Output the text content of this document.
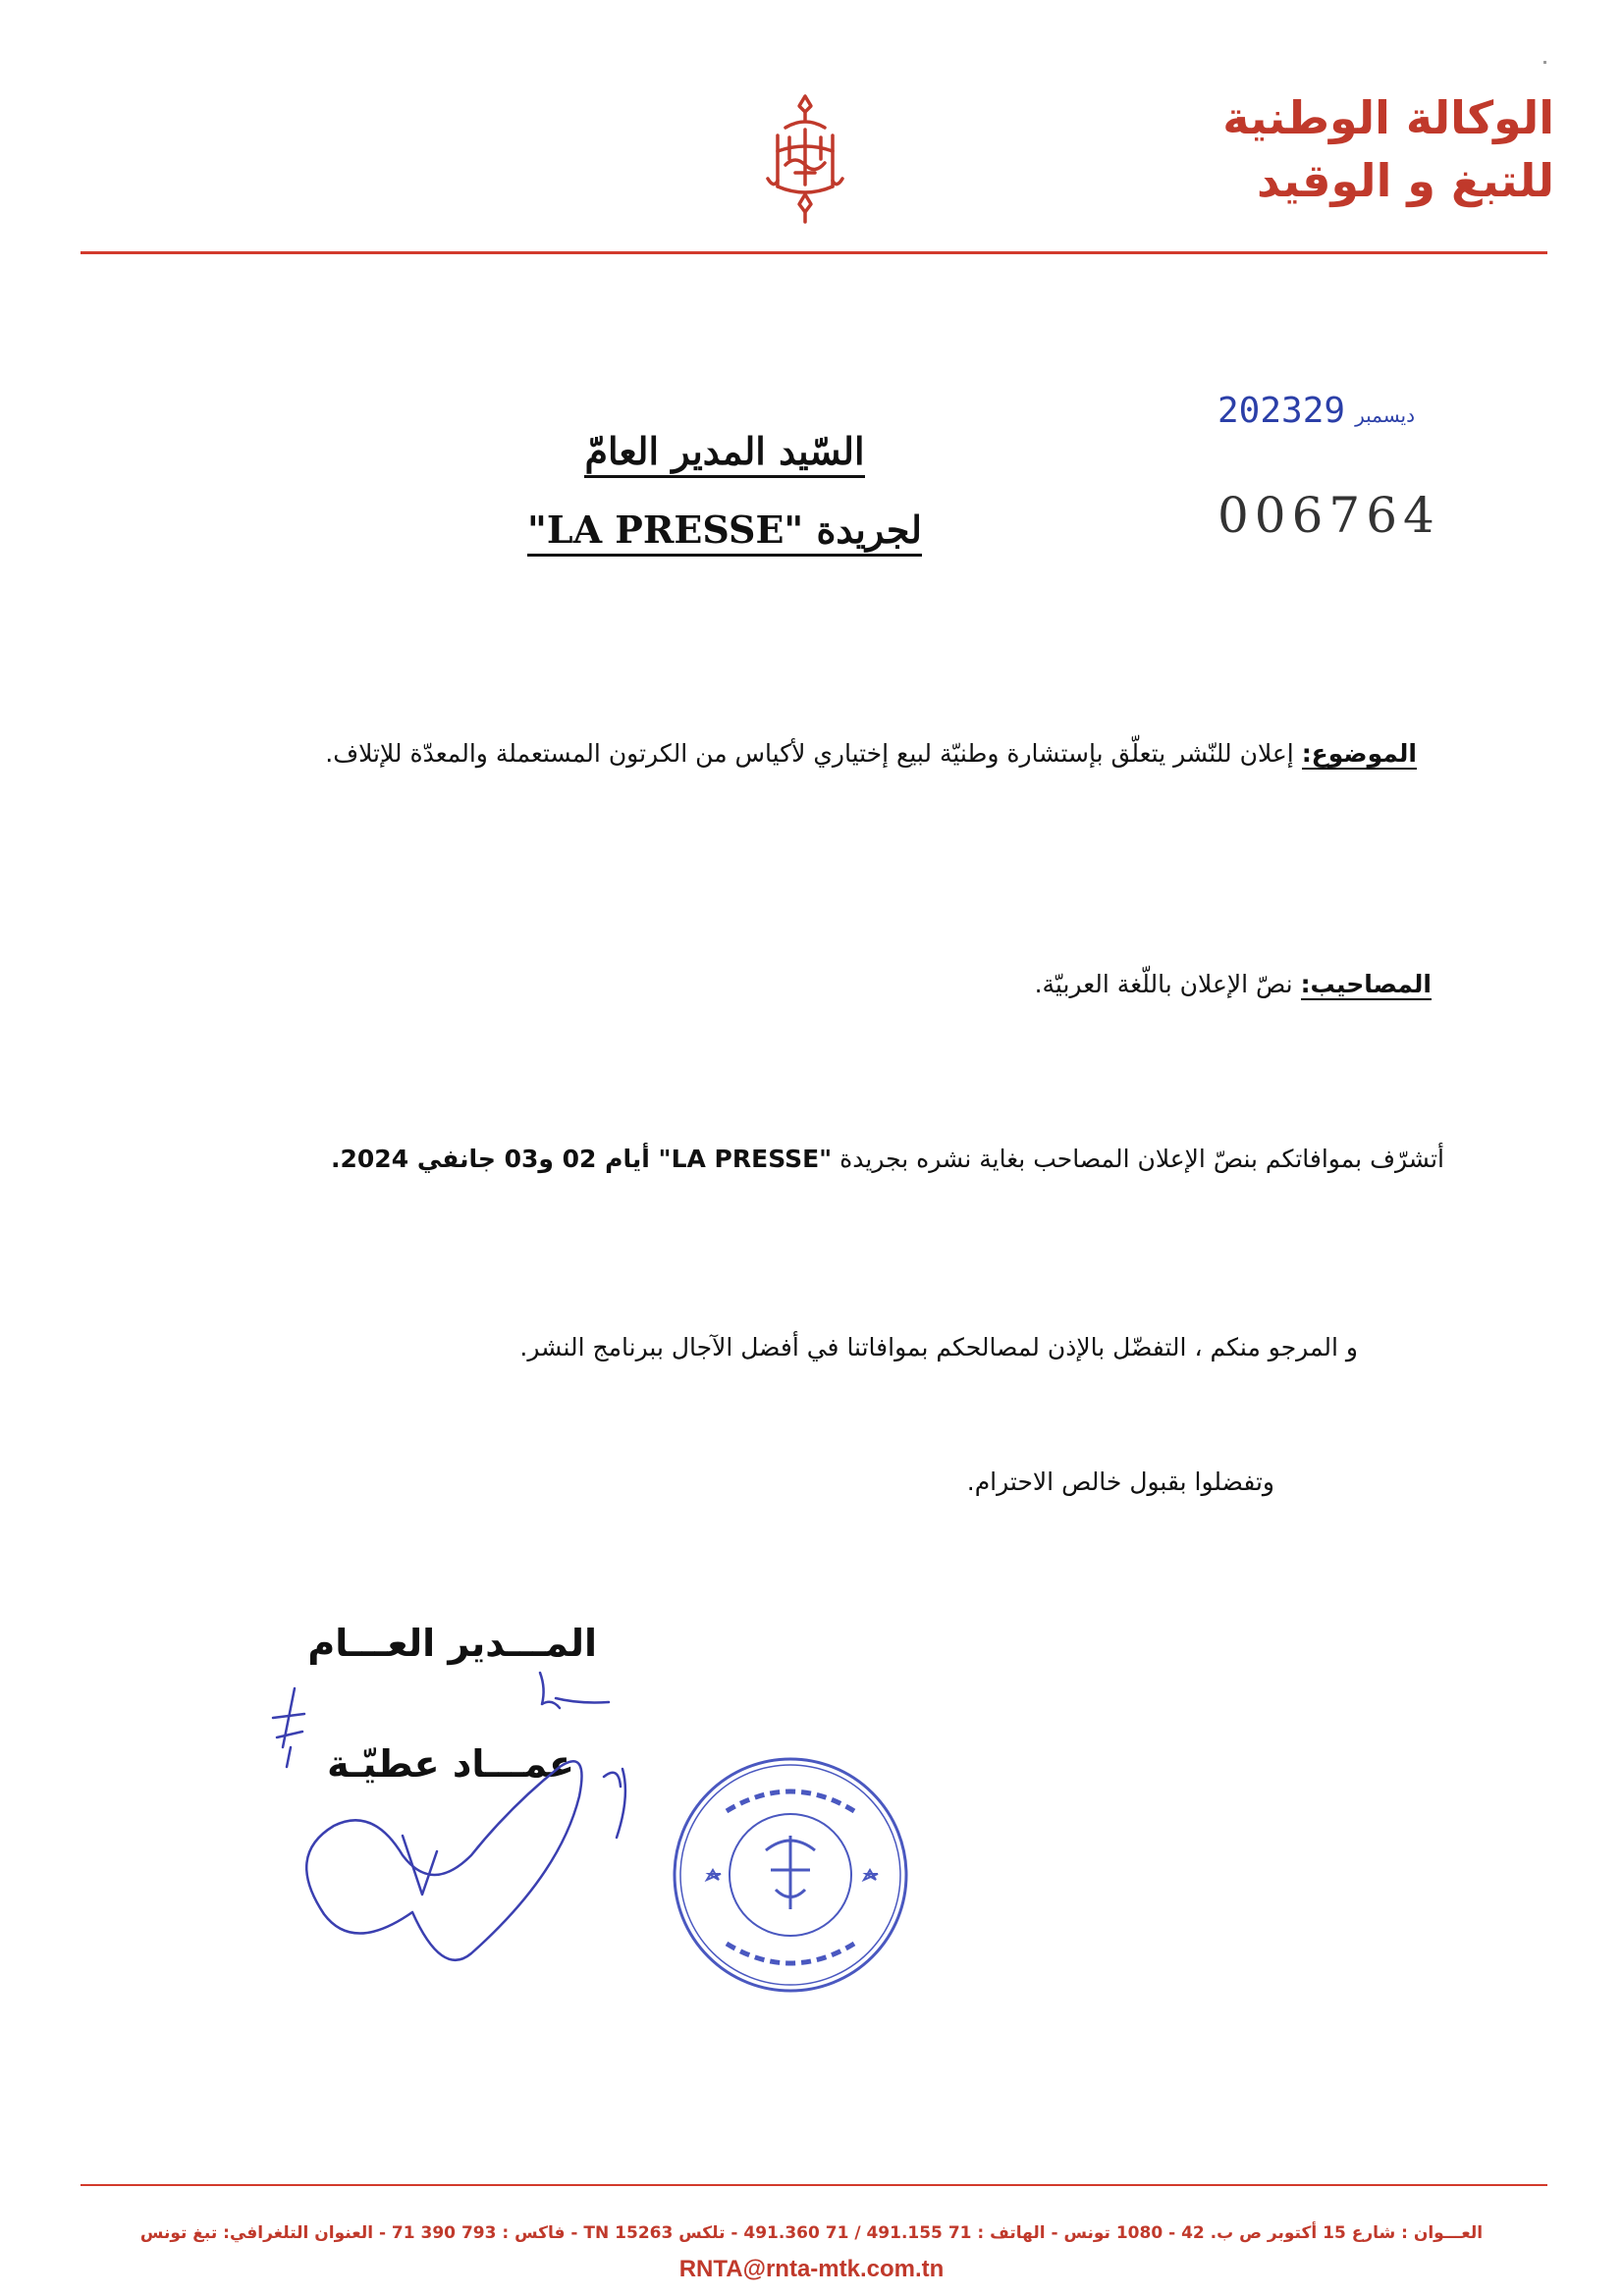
الوكالة الوطنية
للتبغ و الوقيد
2023	ديسمبر29
006764
السّيد المدير العامّ
لجريدة "LA PRESSE"
الموضوع: إعلان للنّشر يتعلّق بإستشارة وطنيّة لبيع إختياري لأكياس من الكرتون المستعملة والمعدّة للإتلاف.
المصاحيب: نصّ الإعلان باللّغة العربيّة.
أتشرّف بموافاتكم بنصّ الإعلان المصاحب بغاية نشره بجريدة "LA PRESSE" أيام 02 و03 جانفي 2024.
و المرجو منكم ، التفضّل بالإذن لمصالحكم بموافاتنا في أفضل الآجال ببرنامج النشر.
وتفضلوا بقبول خالص الاحترام.
المـــدير العـــام
عمـــاد عطيّـة
العـــوان : شارع 15 أكتوبر ص ب. 42 - 1080 تونس - الهاتف : 71 491.155 / 71 491.360 - تلكس 15263 TN - فاكس : 793 390 71 - العنوان التلغرافي: تبغ تونس
RNTA@rnta-mtk.com.tn
